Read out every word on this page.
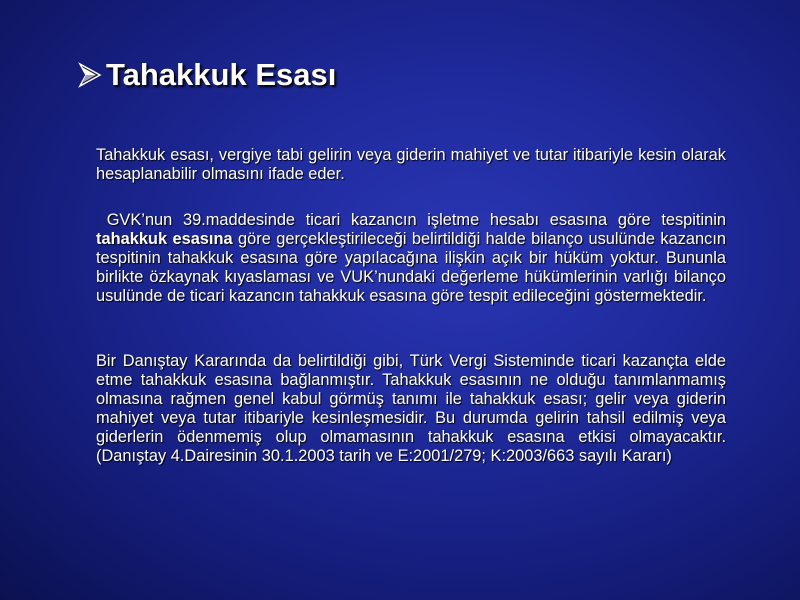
Tahakkuk Esası

Tahakkuk esası, vergiye tabi gelirin veya giderin mahiyet ve tutar itibariyle kesin olarak hesaplanabilir olmasını ifade eder.

GVK’nun 39.maddesinde ticari kazancın işletme hesabı esasına göre tespitinin tahakkuk esasına göre gerçekleştirileceği belirtildiği halde bilanço usulünde kazancın tespitinin tahakkuk esasına göre yapılacağına ilişkin açık bir hüküm yoktur. Bununla birlikte özkaynak kıyaslaması ve VUK’nundaki değerleme hükümlerinin varlığı bilanço usulünde de ticari kazancın tahakkuk esasına göre tespit edileceğini göstermektedir.

Bir Danıştay Kararında da belirtildiği gibi, Türk Vergi Sisteminde ticari kazançta elde etme tahakkuk esasına bağlanmıştır. Tahakkuk esasının ne olduğu tanımlanmamış olmasına rağmen genel kabul görmüş tanımı ile tahakkuk esası; gelir veya giderin mahiyet veya tutar itibariyle kesinleşmesidir. Bu durumda gelirin tahsil edilmiş veya giderlerin ödenmemiş olup olmamasının tahakkuk esasına etkisi olmayacaktır. (Danıştay 4.Dairesinin 30.1.2003 tarih ve E:2001/279; K:2003/663 sayılı Kararı)
